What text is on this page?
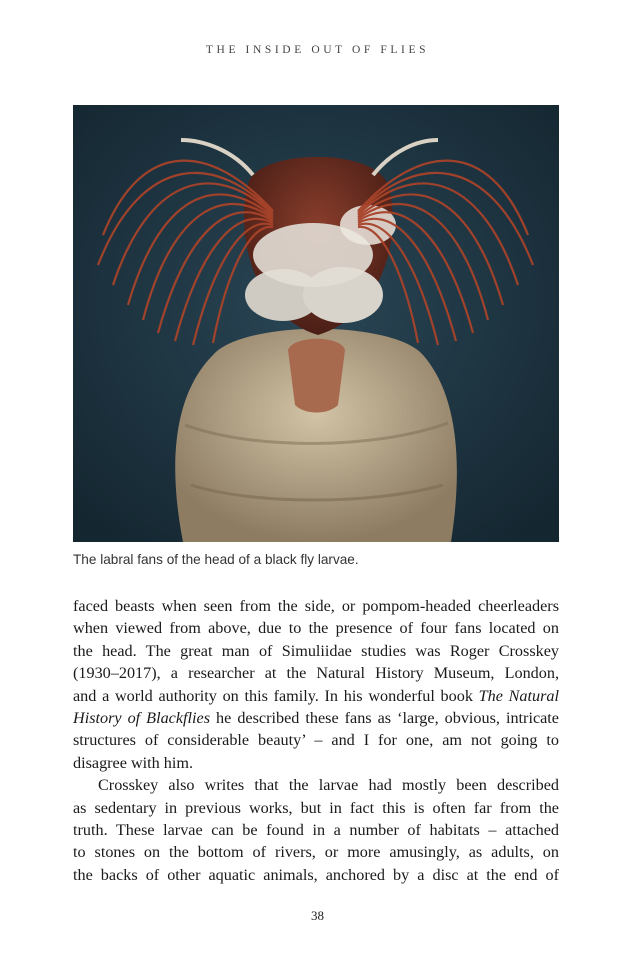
THE INSIDE OUT OF FLIES
The labral fans of the head of a black fly larvae.
faced beasts when seen from the side, or pompom-headed cheerleaders
when viewed from above, due to the presence of four fans located on
the head. The great man of Simuliidae studies was Roger Crosskey
(1930–2017), a researcher at the Natural History Museum, London,
and a world authority on this family. In his wonderful book The Natural
History of Blackflies he described these fans as ‘large, obvious, intricate
structures of considerable beauty’ – and I for one, am not going to
disagree with him.
Crosskey also writes that the larvae had mostly been described
as sedentary in previous works, but in fact this is often far from the
truth. These larvae can be found in a number of habitats – attached
to stones on the bottom of rivers, or more amusingly, as adults, on
the backs of other aquatic animals, anchored by a disc at the end of
38
